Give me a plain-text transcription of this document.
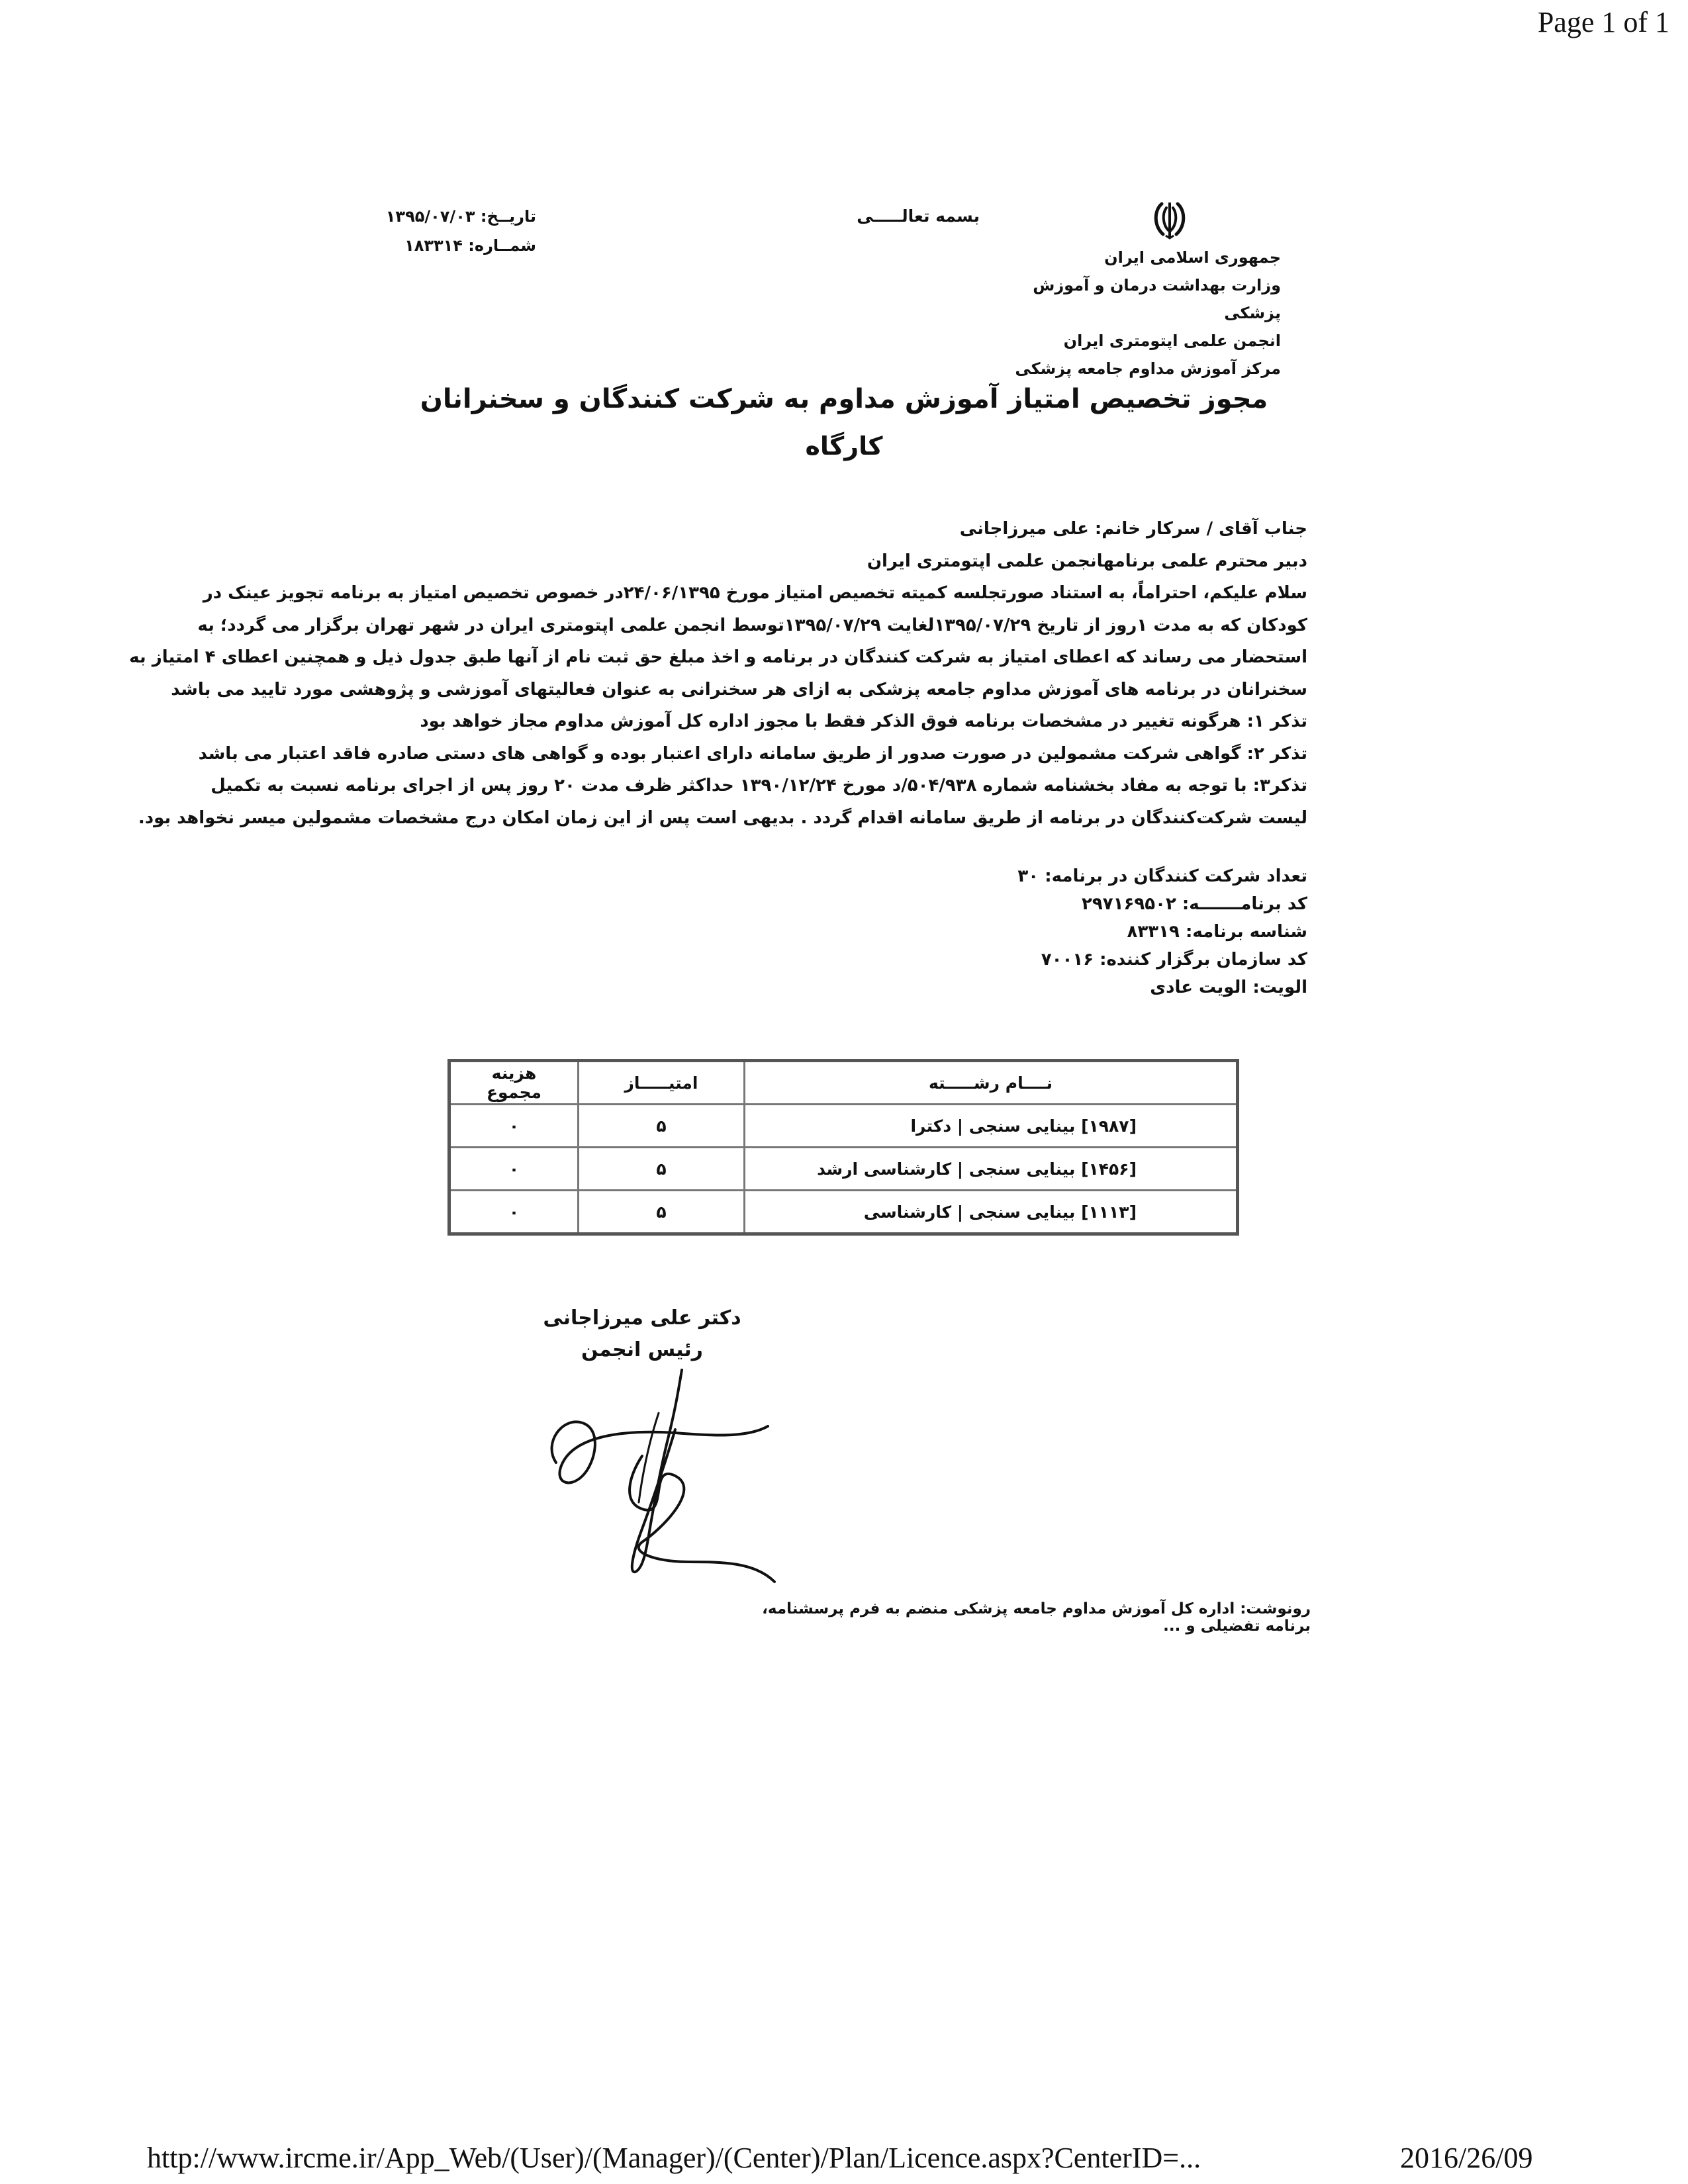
Page 1 of 1
بسمه تعالـــــی
جمهوری اسلامی ایران
وزارت بهداشت درمان و آموزش پزشکی
انجمن علمی اپتومتری ایران
مرکز آموزش مداوم جامعه پزشکی
تاریــخ: ۱۳۹۵/۰۷/۰۳
شمــاره: ۱۸۳۳۱۴
مجوز تخصیص امتیاز آموزش مداوم به شرکت کنندگان و سخنرانان
کارگاه

جناب آقای / سرکار خانم: علی میرزاجانی

دبیر محترم علمی برنامهانجمن علمی اپتومتری ایران

سلام علیکم، احتراماً، به استناد صورتجلسه کمیته تخصیص امتیاز مورخ ۲۴/۰۶/۱۳۹۵در خصوص تخصیص امتیاز به برنامه تجویز عینک در

کودکان که به مدت ۱روز از تاریخ ۱۳۹۵/۰۷/۲۹لغایت ۱۳۹۵/۰۷/۲۹توسط انجمن علمی اپتومتری ایران در شهر تهران برگزار می گردد؛ به

استحضار می رساند که اعطای امتیاز به شرکت کنندگان در برنامه و اخذ مبلغ حق ثبت نام از آنها طبق جدول ذیل و همچنین اعطای ۴ امتیاز به

سخنرانان در برنامه های آموزش مداوم جامعه پزشکی به ازای هر سخنرانی به عنوان فعالیتهای آموزشی و پژوهشی مورد تایید می باشد

تذکر ۱: هرگونه تغییر در مشخصات برنامه فوق الذکر فقط با مجوز اداره کل آموزش مداوم مجاز خواهد بود

تذکر ۲: گواهی شرکت مشمولین در صورت صدور از طریق سامانه دارای اعتبار بوده و گواهی های دستی صادره فاقد اعتبار می باشد

تذکر۳: با توجه به مفاد بخشنامه شماره ۵۰۴/۹۳۸/د مورخ ۱۳۹۰/۱۲/۲۴ حداکثر ظرف مدت ۲۰ روز پس از اجرای برنامه نسبت به تکمیل

لیست شرکت‌کنندگان در برنامه از طریق سامانه اقدام گردد . بدیهی است پس از این زمان امکان درج مشخصات مشمولین میسر نخواهد بود.

تعداد شرکت کنندگان در برنامه: ۳۰

کد برنامـــــــه: ۲۹۷۱۶۹۵۰۲

شناسه برنامه: ۸۳۳۱۹

کد سازمان برگزار کننده: ۷۰۰۱۶

الویت: الویت عادی

نــــام رشـــــته	امتیـــــاز	هزینه مجموع
[۱۹۸۷] بینایی سنجی | دکترا	۵	۰
[۱۴۵۶] بینایی سنجی | کارشناسی ارشد	۵	۰
[۱۱۱۳] بینایی سنجی | کارشناسی	۵	۰
دکتر علی میرزاجانی
رئیس انجمن
رونوشت: اداره کل آموزش مداوم جامعه پزشکی منضم به فرم پرسشنامه، برنامه تفضیلی و ...
http://www.ircme.ir/App_Web/(User)/(Manager)/(Center)/Plan/Licence.aspx?CenterID=...	2016/26/09
